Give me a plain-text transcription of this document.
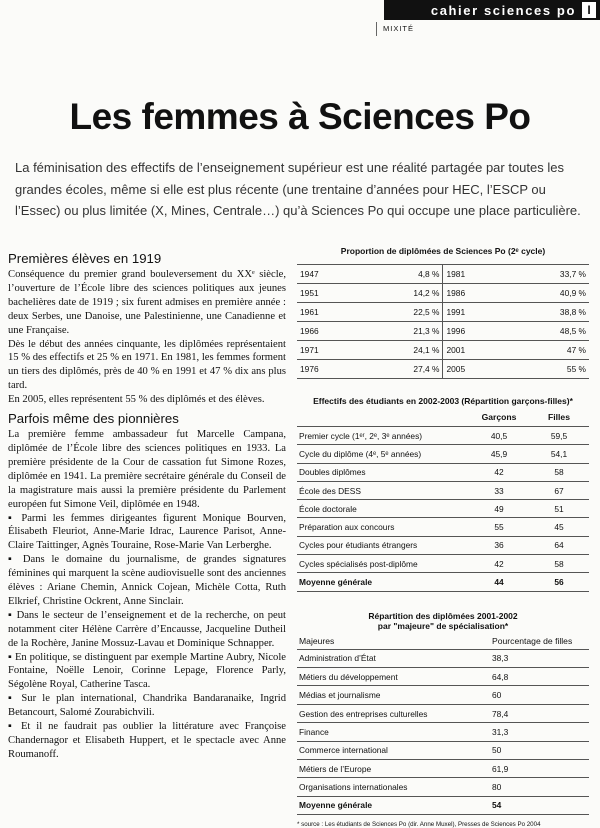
cahier sciences po I
MIXITÉ
Les femmes à Sciences Po

La féminisation des effectifs de l’enseignement supérieur est une réalité partagée par toutes les grandes écoles, même si elle est plus récente (une trentaine d’années pour HEC, l’ESCP ou l’Essec) ou plus limitée (X, Mines, Centrale…) qu’à Sciences Po qui occupe une place particulière.

Premières élèves en 1919

Conséquence du premier grand bouleversement du XXᵉ siècle, l’ouverture de l’École libre des sciences politiques aux jeunes bachelières date de 1919 ; six furent admises en première année : deux Serbes, une Danoise, une Palestinienne, une Canadienne et une Française.

Dès le début des années cinquante, les diplômées représentaient 15 % des effectifs et 25 % en 1971. En 1981, les femmes forment un tiers des diplômés, près de 40 % en 1991 et 47 % dix ans plus tard.

En 2005, elles représentent 55 % des diplômés et des élèves.

Parfois même des pionnières

La première femme ambassadeur fut Marcelle Campana, diplômée de l’École libre des sciences politiques en 1933. La première présidente de la Cour de cassation fut Simone Rozes, diplômée en 1941. La première secrétaire générale du Conseil de la magistrature mais aussi la première présidente du Parlement européen fut Simone Veil, diplômée en 1948.

▪ Parmi les femmes dirigeantes figurent Monique Bourven, Élisabeth Fleuriot, Anne-Marie Idrac, Laurence Parisot, Anne-Claire Taittinger, Agnès Touraine, Rose-Marie Van Lerberghe.

▪ Dans le domaine du journalisme, de grandes signatures féminines qui marquent la scène audiovisuelle sont des anciennes élèves : Ariane Chemin, Annick Cojean, Michèle Cotta, Ruth Elkrief, Christine Ockrent, Anne Sinclair.

▪ Dans le secteur de l’enseignement et de la recherche, on peut notamment citer Hélène Carrère d’Encausse, Jacqueline Dutheil de la Rochère, Janine Mossuz-Lavau et Dominique Schnapper.

▪ En politique, se distinguent par exemple Martine Aubry, Nicole Fontaine, Noëlle Lenoir, Corinne Lepage, Florence Parly, Ségolène Royal, Catherine Tasca.

▪ Sur le plan international, Chandrika Bandaranaike, Ingrid Betancourt, Salomé Zourabichvili.

▪ Et il ne faudrait pas oublier la littérature avec Françoise Chandernagor et Elisabeth Huppert, et le spectacle avec Anne Roumanoff.

Proportion de diplômées de Sciences Po (2ᵉ cycle)
1947	4,8 %	1981	33,7 %
1951	14,2 %	1986	40,9 %
1961	22,5 %	1991	38,8 %
1966	21,3 %	1996	48,5 %
1971	24,1 %	2001	47 %
1976	27,4 %	2005	55 %
Effectifs des étudiants en 2002-2003 (Répartition garçons-filles)*
	Garçons	Filles
Premier cycle (1ᵉʳ, 2ᵉ, 3ᵉ années)	40,5	59,5
Cycle du diplôme (4ᵉ, 5ᵉ années)	45,9	54,1
Doubles diplômes	42	58
École des DESS	33	67
École doctorale	49	51
Préparation aux concours	55	45
Cycles pour étudiants étrangers	36	64
Cycles spécialisés post-diplôme	42	58
Moyenne générale	44	56
Répartition des diplômées 2001-2002
par "majeure" de spécialisation*
Majeures	Pourcentage de filles
Administration d’État	38,3
Métiers du développement	64,8
Médias et journalisme	60
Gestion des entreprises culturelles	78,4
Finance	31,3
Commerce international	50
Métiers de l’Europe	61,9
Organisations internationales	80
Moyenne générale	54
* source : Les étudiants de Sciences Po (dir. Anne Muxel), Presses de Sciences Po 2004
